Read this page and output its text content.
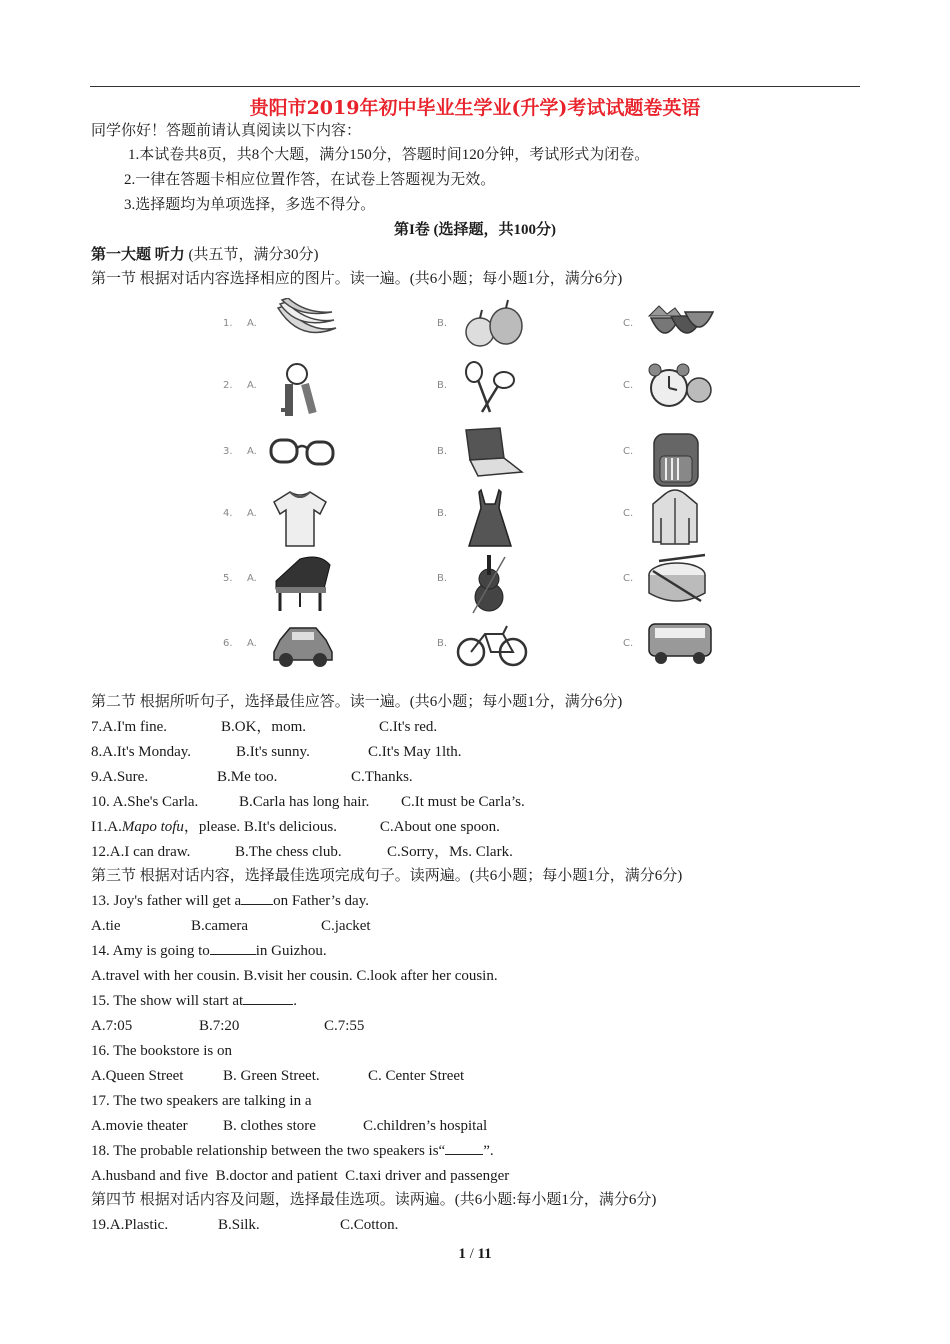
贵阳市2019年初中毕业生学业(升学)考试试题卷英语
同学你好！答题前请认真阅读以下内容：
1.本试卷共8页，共8个大题，满分150分，答题时间120分钟，考试形式为闭卷。
2.一律在答题卡相应位置作答，在试卷上答题视为无效。
3.选择题均为单项选择，多选不得分。
第I卷 (选择题，共100分)
第一大题 听力 (共五节，满分30分)
第一节 根据对话内容选择相应的图片。读一遍。(共6小题；每小题1分，满分6分)
1. A.	B.	C.
2. A.	B.	C.
3. A.	B.	C.
4. A.	B.	C.
5. A.	B.	C.
6. A.	B.	C.
第二节 根据所听句子，选择最佳应答。读一遍。(共6小题；每小题1分，满分6分)
7.A.I'm fine.	B.OK，mom.	C.It's red.
8.A.It's Monday.	B.It's sunny.	C.It's May 1lth.
9.A.Sure.	B.Me too.	C.Thanks.
10. A.She's Carla.	B.Carla has long hair. C.It must be Carla’s.
I1.A.Mapo tofu，please. B.It's delicious.	C.About one spoon.
12.A.I can draw.	B.The chess club.	C.Sorry，Ms. Clark.
第三节 根据对话内容，选择最佳选项完成句子。读两遍。(共6小题；每小题1分，满分6分)
13. Joy's father will get a on Father’s day.
A.tie	B.camera	C.jacket
14. Amy is going to	in Guizhou.
A.travel with her cousin. B.visit her cousin. C.look after her cousin.
15. The show will start at	.
A.7:05	B.7:20	C.7:55
16. The bookstore is on
A.Queen Street	B. Green Street.	C. Center Street
17. The two speakers are talking in a
A.movie theater B. clothes store	C.children’s hospital
18. The probable relationship between the two speakers is“	”.
A.husband and five B.doctor and patient C.taxi driver and passenger
第四节 根据对话内容及问题，选择最佳选项。读两遍。(共6小题:每小题1分，满分6分)
19.A.Plastic.	B.Silk.	C.Cotton.
1 / 11
